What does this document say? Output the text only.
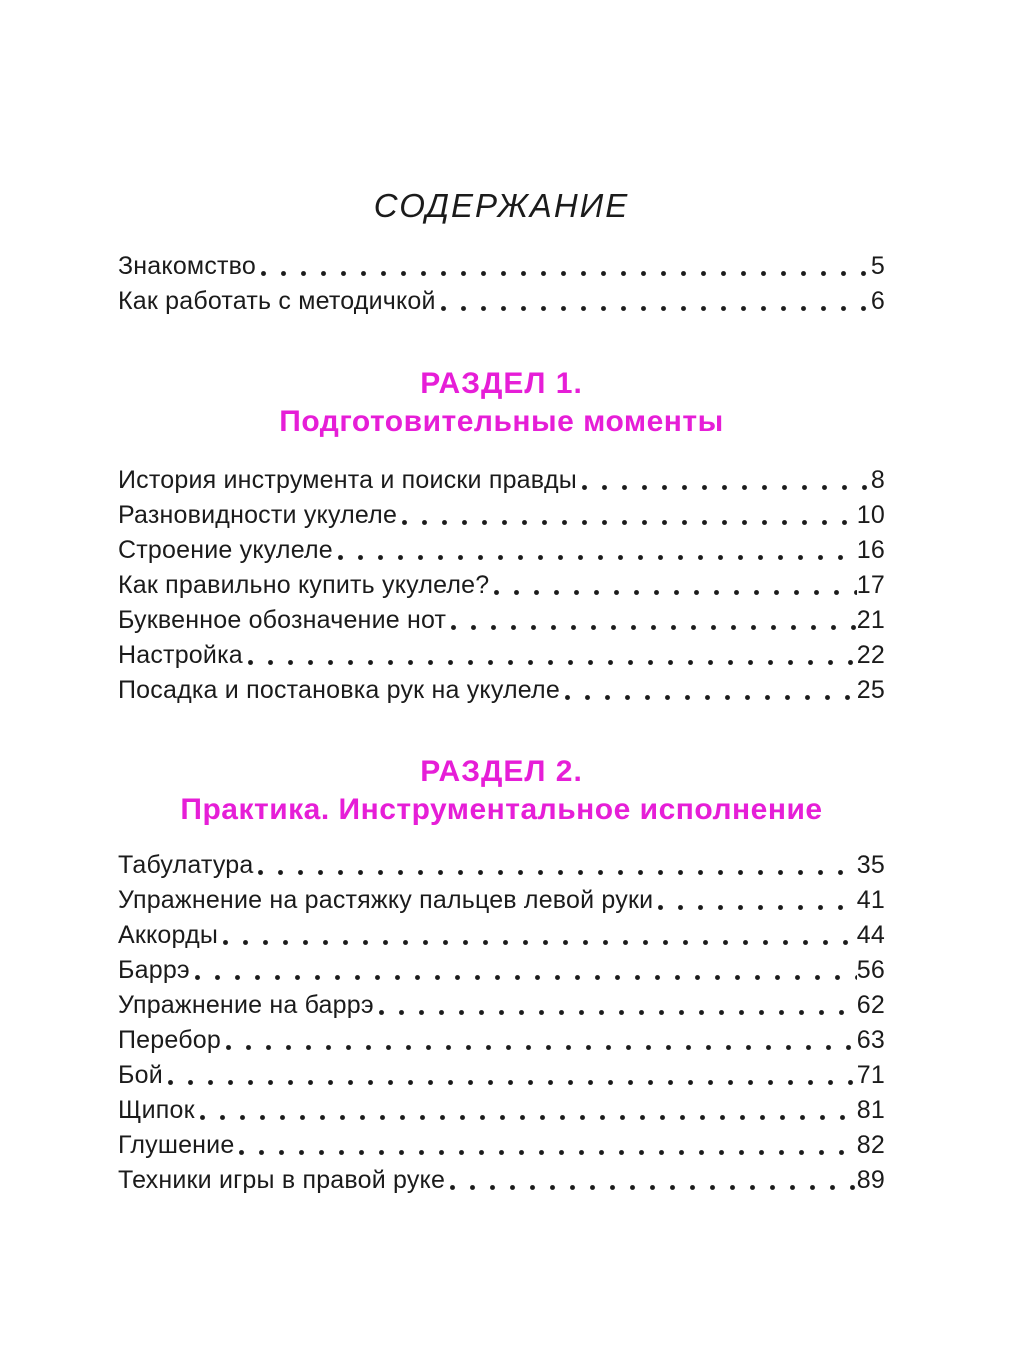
СОДЕРЖАНИЕ
Знакомство	5
Как работать с методичкой	6
РАЗДЕЛ 1.
Подготовительные моменты
История инструмента и поиски правды	8
Разновидности укулеле	10
Строение укулеле	16
Как правильно купить укулеле?	17
Буквенное обозначение нот	21
Настройка	22
Посадка и постановка рук на укулеле	25
РАЗДЕЛ 2.
Практика. Инструментальное исполнение
Табулатура	35
Упражнение на растяжку пальцев левой руки	41
Аккорды	44
Баррэ	56
Упражнение на баррэ	62
Перебор	63
Бой	71
Щипок	81
Глушение	82
Техники игры в правой руке	89
